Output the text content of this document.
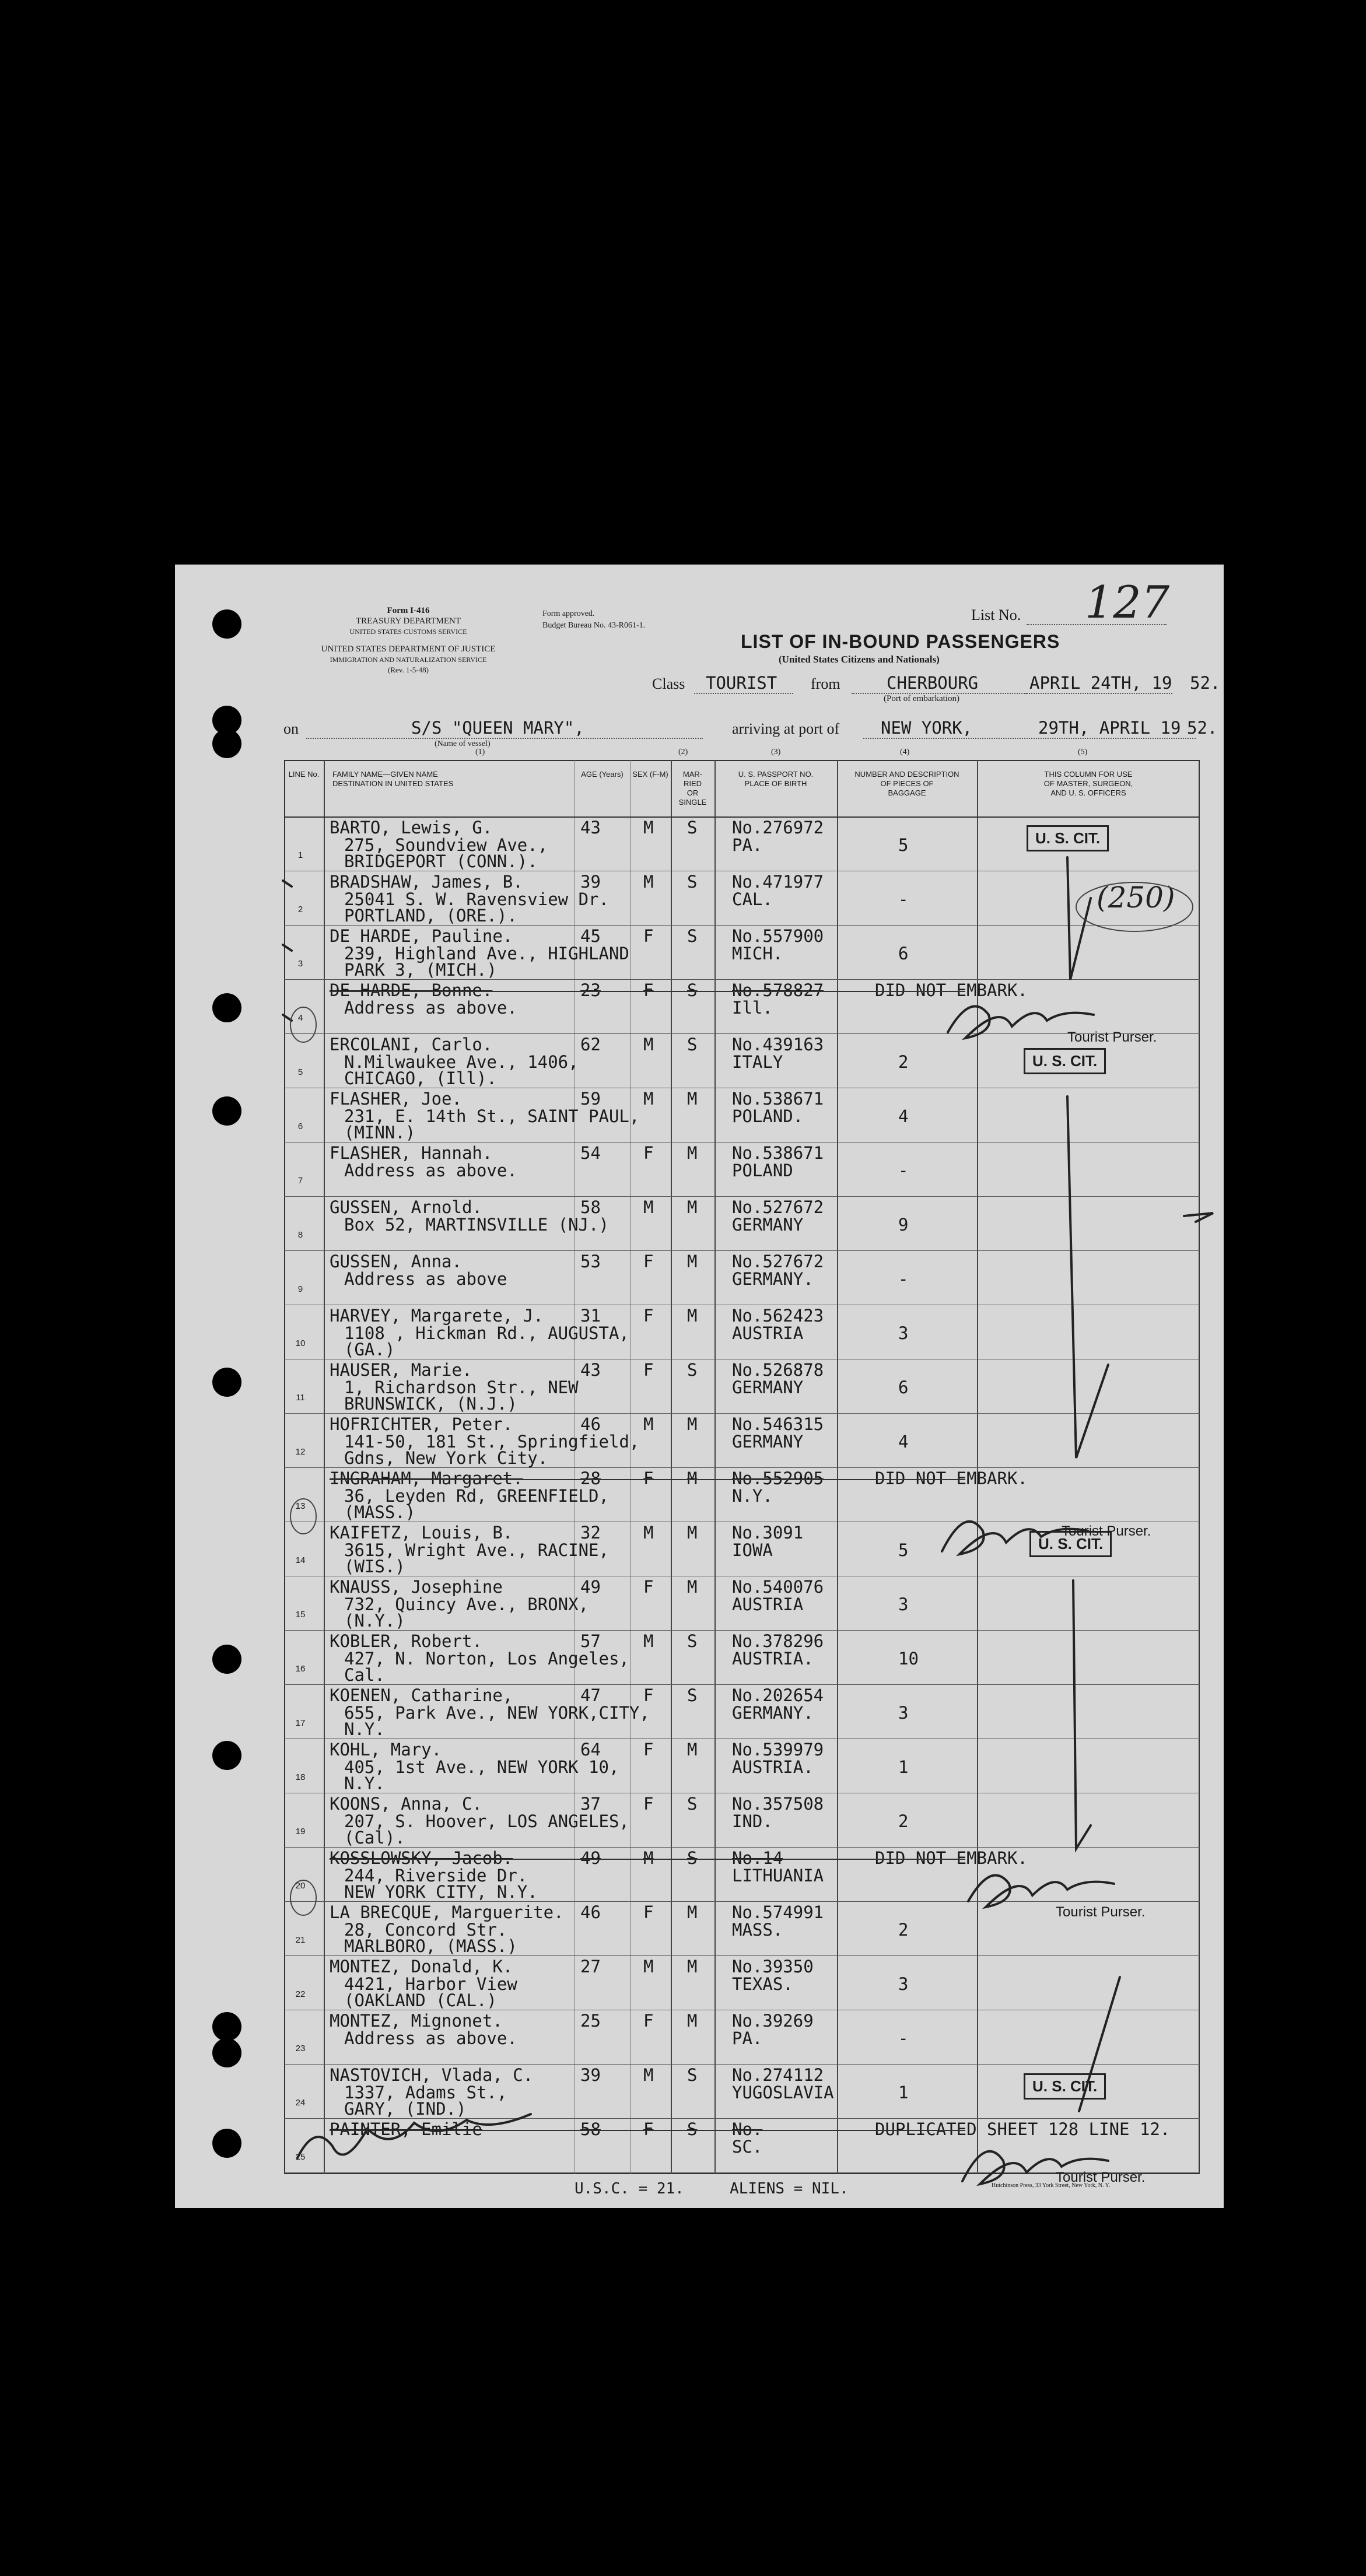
Form I-416
TREASURY DEPARTMENT
UNITED STATES CUSTOMS SERVICE
UNITED STATES DEPARTMENT OF JUSTICE
IMMIGRATION AND NATURALIZATION SERVICE
(Rev. 1-5-48)
Form approved.
Budget Bureau No. 43-R061-1.
List No. 127
LIST OF IN-BOUND PASSENGERS
(United States Citizens and Nationals)
Class TOURIST from	CHERBOURG
(Port of embarkation)
APRIL 24TH, 19 52.
on	S/S "QUEEN MARY",
(Name of vessel)
arriving at port of NEW YORK,	29TH, APRIL 19 52.
(1)	(2)	(3)	(4)	(5)
LINE No.	FAMILY NAME—GIVEN NAME
DESTINATION IN UNITED STATES
AGE (Years)	SEX (F-M)	MAR-
RIED
OR
SINGLE
U. S. PASSPORT NO.
PLACE OF BIRTH
NUMBER AND DESCRIPTION
OF PIECES OF
BAGGAGE
THIS COLUMN FOR USE
OF MASTER, SURGEON,
AND U. S. OFFICERS
1
BARTO, Lewis, G.
275, Soundview Ave.,
BRIDGEPORT (CONN.).
43	M S No.276972
PA.	5
2
BRADSHAW, James, B.
25041 S. W. Ravensview Dr.
PORTLAND, (ORE.).
39	M S No.471977
CAL.	-
3
DE HARDE, Pauline.
239, Highland Ave., HIGHLAND
PARK 3, (MICH.)
45	F S No.557900
MICH.	6
4
DE HARDE, Bonne.
Address as above.
23	F S No.578827
Ill.
DID NOT EMBARK.
5
ERCOLANI, Carlo.
N.Milwaukee Ave., 1406,
CHICAGO, (Ill).
62	M S No.439163
ITALY	2
6
FLASHER, Joe.
231, E. 14th St., SAINT PAUL,
(MINN.)
59	M M No.538671
POLAND.	4
7
FLASHER, Hannah.
Address as above.
54	F M No.538671
POLAND	-
8
GUSSEN, Arnold.
Box 52, MARTINSVILLE (NJ.)
58	M M No.527672
GERMANY	9
9
GUSSEN, Anna.
Address as above
53	F M No.527672
GERMANY.	-
10
HARVEY, Margarete, J.
1108 , Hickman Rd., AUGUSTA,
(GA.)
31	F M No.562423
AUSTRIA	3
11
HAUSER, Marie.
1, Richardson Str., NEW
BRUNSWICK, (N.J.)
43	F S No.526878
GERMANY	6
12
HOFRICHTER, Peter.
141-50, 181 St., Springfield,
Gdns, New York City.
46	M M No.546315
GERMANY	4
13
INGRAHAM, Margaret.
36, Leyden Rd, GREENFIELD,
(MASS.)
28	F M No.552905
N.Y.
DID NOT EMBARK.
14
KAIFETZ, Louis, B.
3615, Wright Ave., RACINE,
(WIS.)
32	M M No.3091
IOWA	5
15
KNAUSS, Josephine
732, Quincy Ave., BRONX,
(N.Y.)
49	F M No.540076
AUSTRIA	3
16
KOBLER, Robert.
427, N. Norton, Los Angeles,
Cal.
57	M S No.378296
AUSTRIA.	10
17
KOENEN, Catharine,
655, Park Ave., NEW YORK,CITY,
N.Y.
47	F S No.202654
GERMANY.	3
18
KOHL, Mary.
405, 1st Ave., NEW YORK 10,
N.Y.
64	F M No.539979
AUSTRIA.	1
19
KOONS, Anna, C.
207, S. Hoover, LOS ANGELES,
(Cal).
37	F S No.357508
IND.	2
20
KOSSLOWSKY, Jacob.
244, Riverside Dr.
NEW YORK CITY, N.Y.
49	M S No.14
LITHUANIA
DID NOT EMBARK.
21
LA BRECQUE, Marguerite.
28, Concord Str.
MARLBORO, (MASS.)
46	F M No.574991
MASS.	2
22
MONTEZ, Donald, K.
4421, Harbor View
(OAKLAND (CAL.)
27	M M No.39350
TEXAS.	3
23
MONTEZ, Mignonet.
Address as above.
25	F M No.39269
PA.	-
24
NASTOVICH, Vlada, C.
1337, Adams St.,
GARY, (IND.)
39	M S No.274112
YUGOSLAVIA	1
25
PAINTER, Emilie	58	F S No.
SC.
DUPLICATED SHEET 128 LINE 12.
U. S. CIT.
U. S. CIT.
U. S. CIT.
U. S. CIT.
(250)
Tourist Purser.
Tourist Purser.
Tourist Purser.
Tourist Purser.
U.S.C. = 21.     ALIENS = NIL.	Hutchinson Press, 33 York Street, New York, N. Y.
